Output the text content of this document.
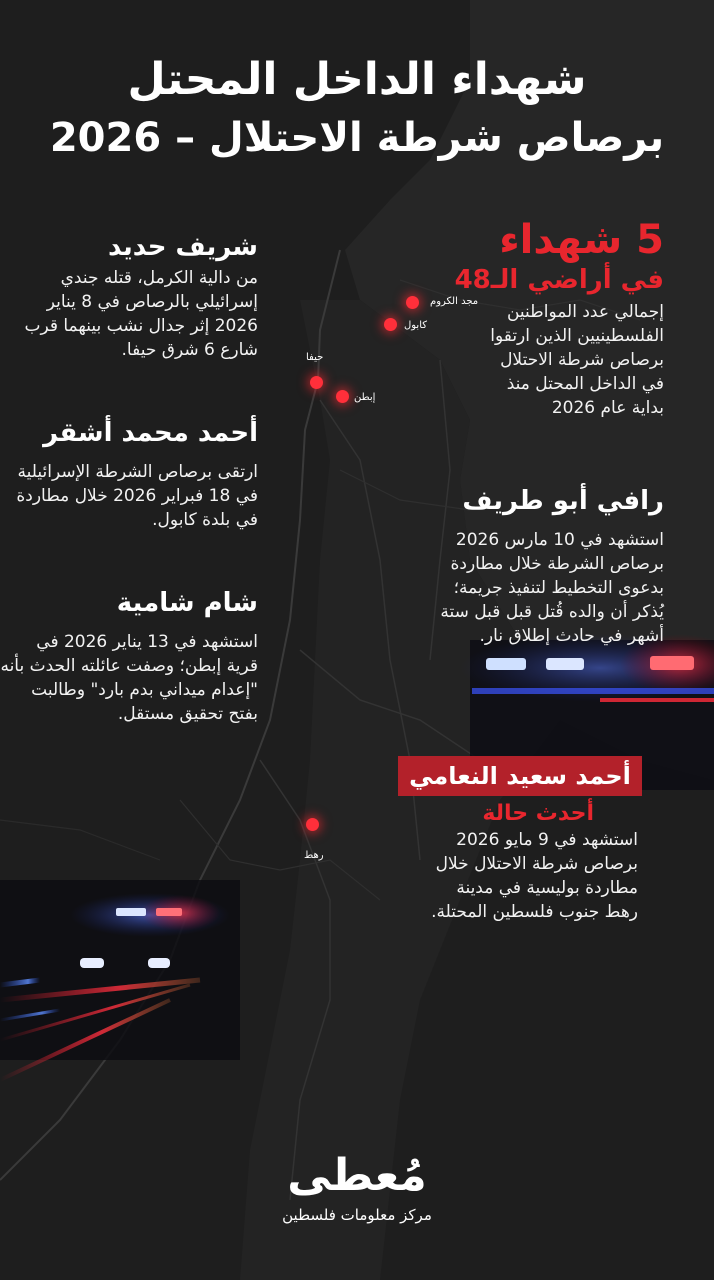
شهداء الداخل المحتل
برصاص شرطة الاحتلال – 2026
5 شهداء
في أراضي الـ48
إجمالي عدد المواطنين
الفلسطينيين الذين ارتقوا
برصاص شرطة الاحتلال
في الداخل المحتل منذ
بداية عام 2026
شريف حديد
من دالية الكرمل، قتله جندي
إسرائيلي بالرصاص في 8 يناير
2026 إثر جدال نشب بينهما قرب
شارع 6 شرق حيفا.
أحمد محمد أشقر
ارتقى برصاص الشرطة الإسرائيلية
في 18 فبراير 2026 خلال مطاردة
في بلدة كابول.
شام شامية
استشهد في 13 يناير 2026 في
قرية إبطن؛ وصفت عائلته الحدث بأنه
"إعدام ميداني بدم بارد" وطالبت
بفتح تحقيق مستقل.
رافي أبو طريف
استشهد في 10 مارس 2026
برصاص الشرطة خلال مطاردة
بدعوى التخطيط لتنفيذ جريمة؛
يُذكر أن والده قُتل قبل قبل ستة
أشهر في حادث إطلاق نار.
أحمد سعيد النعامي
أحدث حالة
استشهد في 9 مايو 2026
برصاص شرطة الاحتلال خلال
مطاردة بوليسية في مدينة
رهط جنوب فلسطين المحتلة.
مجد الكروم
كابول
حيفا
إبطن
رهط
مُعطى
مركز معلومات فلسطين
